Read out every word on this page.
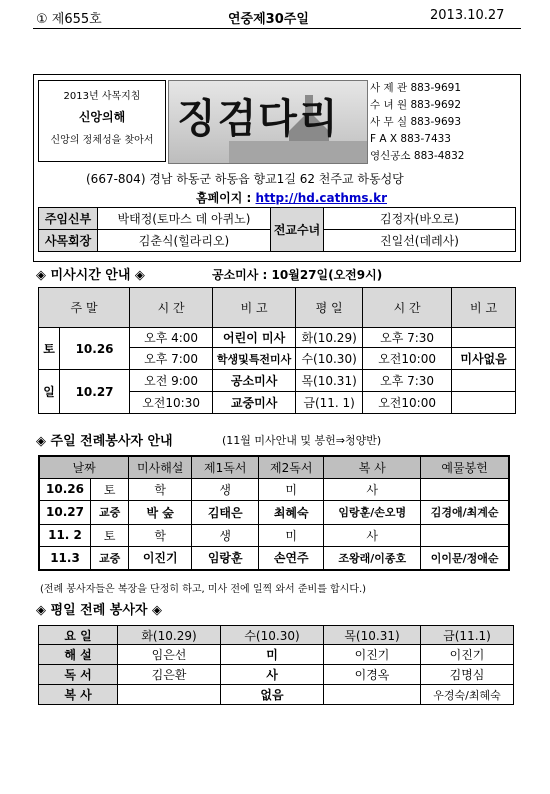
① 제655호	연중제30주일	2013.10.27
2013년 사목지침
신앙의해
신앙의 정체성을 찾아서 징검다리
사 제 관 883-9691
수 녀 원 883-9692
사 무 실 883-9693
F A X 883-7433
영신공소 883-4832
(667-804) 경남 하동군 하동읍 향교1길 62 천주교 하동성당
홈페이지 : http://hd.cathms.kr
주임신부	박태정(토마스 데 아퀴노)	전교수녀	김정자(바오로)
사목회장	김춘식(힐라리오)		진일선(데레사)
◈ 미사시간 안내 ◈	공소미사 : 10월27일(오전9시)
주 말		시 간	비 고	평 일	시 간	비 고
토	10.26	오후 4:00	어린이 미사	화(10.29)	오후 7:30	
		오후 7:00	학생및특전미사	수(10.30)	오전10:00	미사없음
일	10.27	오전 9:00	공소미사	목(10.31)	오후 7:30	
		오전10:30	교중미사	금(11. 1)	오전10:00	
◈ 주일 전례봉사자 안내	(11월 미사안내 및 봉헌⇒청양반)
날짜		미사해설	제1독서	제2독서	복 사	예물봉헌
10.26	토	학	생	미	사	
10.27	교중	박 숲	김태은	최혜숙	임랑훈/손오명	김경애/최계순
11. 2	토	학	생	미	사	
11.3	교중	이진기	임랑훈	손연주	조왕래/이종호	이이문/정애순
(전례 봉사자들은 복장을 단정히 하고, 미사 전에 일찍 와서 준비를 합시다.)
◈ 평일 전례 봉사자 ◈
요 일	화(10.29)	수(10.30)	목(10.31)	금(11.1)
해 설	임은선	미	이진기	이진기
독 서	김은환	사	이경옥	김명심
복 사		없음		우경숙/최혜숙
